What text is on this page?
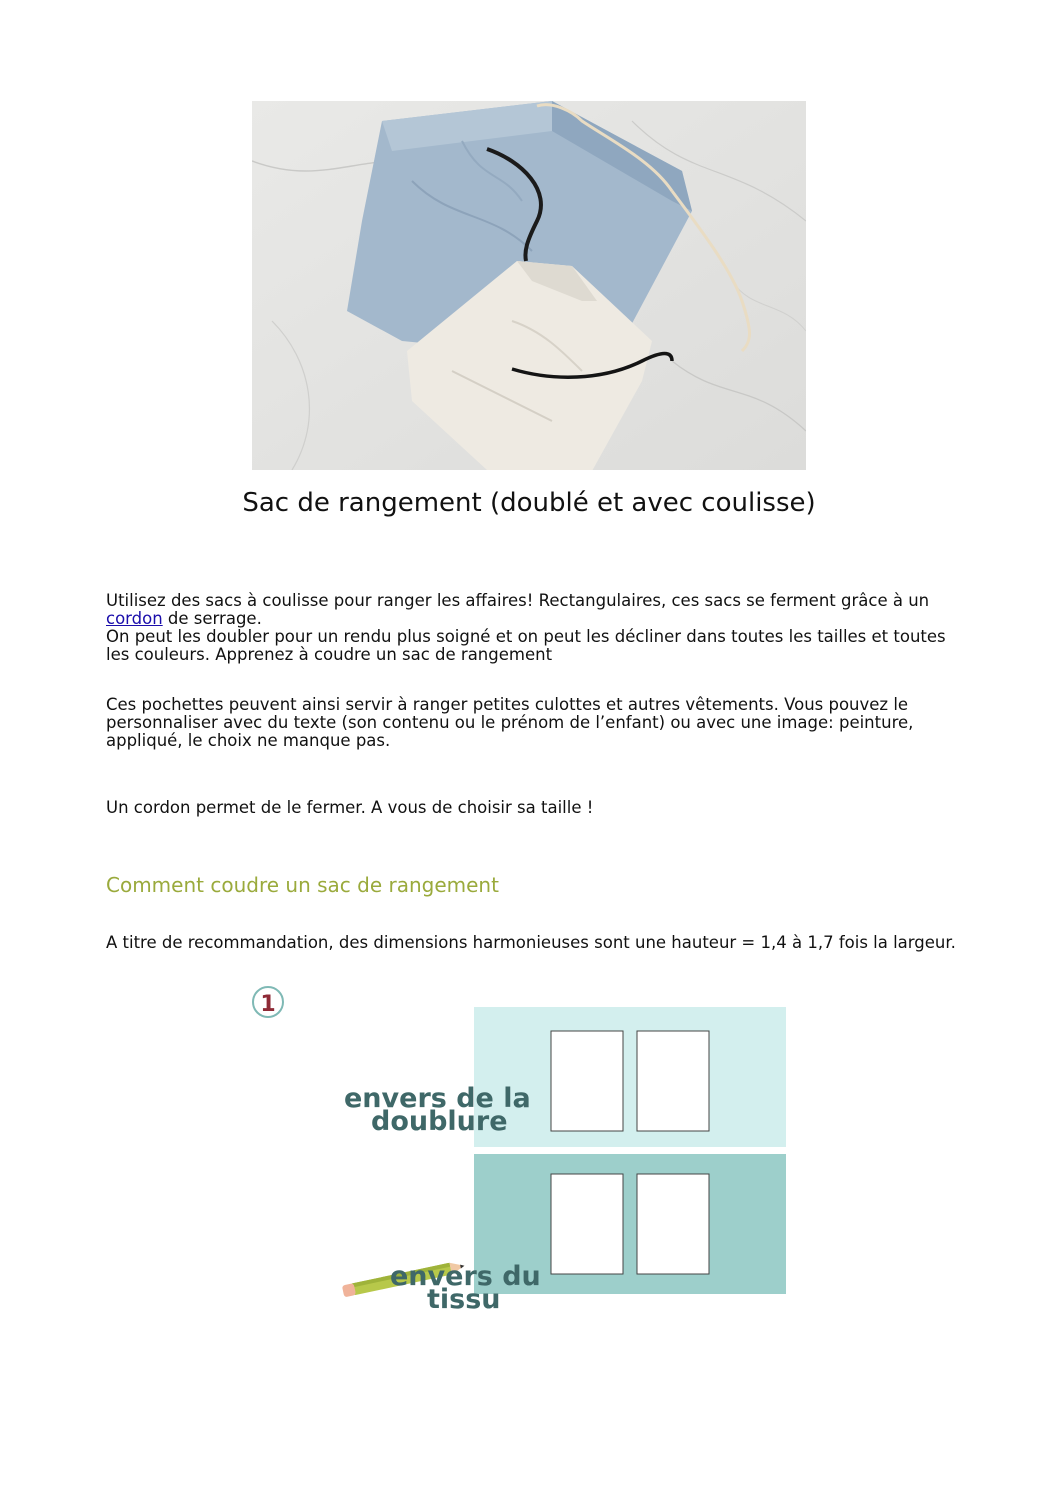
Sac de rangement (doublé et avec coulisse)

Utilisez des sacs à coulisse pour ranger les affaires! Rectangulaires, ces sacs se ferment grâce à un cordon de serrage.
On peut les doubler pour un rendu plus soigné et on peut les décliner dans toutes les tailles et toutes les couleurs. Apprenez à coudre un sac de rangement

Ces pochettes peuvent ainsi servir à ranger petites culottes et autres vêtements. Vous pouvez le personnaliser avec du texte (son contenu ou le prénom de l’enfant) ou avec une image: peinture, appliqué, le choix ne manque pas.

Un cordon permet de le fermer. A vous de choisir sa taille !

Comment coudre un sac de rangement

A titre de recommandation, des dimensions harmonieuses sont une hauteur = 1,4 à 1,7 fois la largeur.

1
envers de la
doublure
envers du
tissu
